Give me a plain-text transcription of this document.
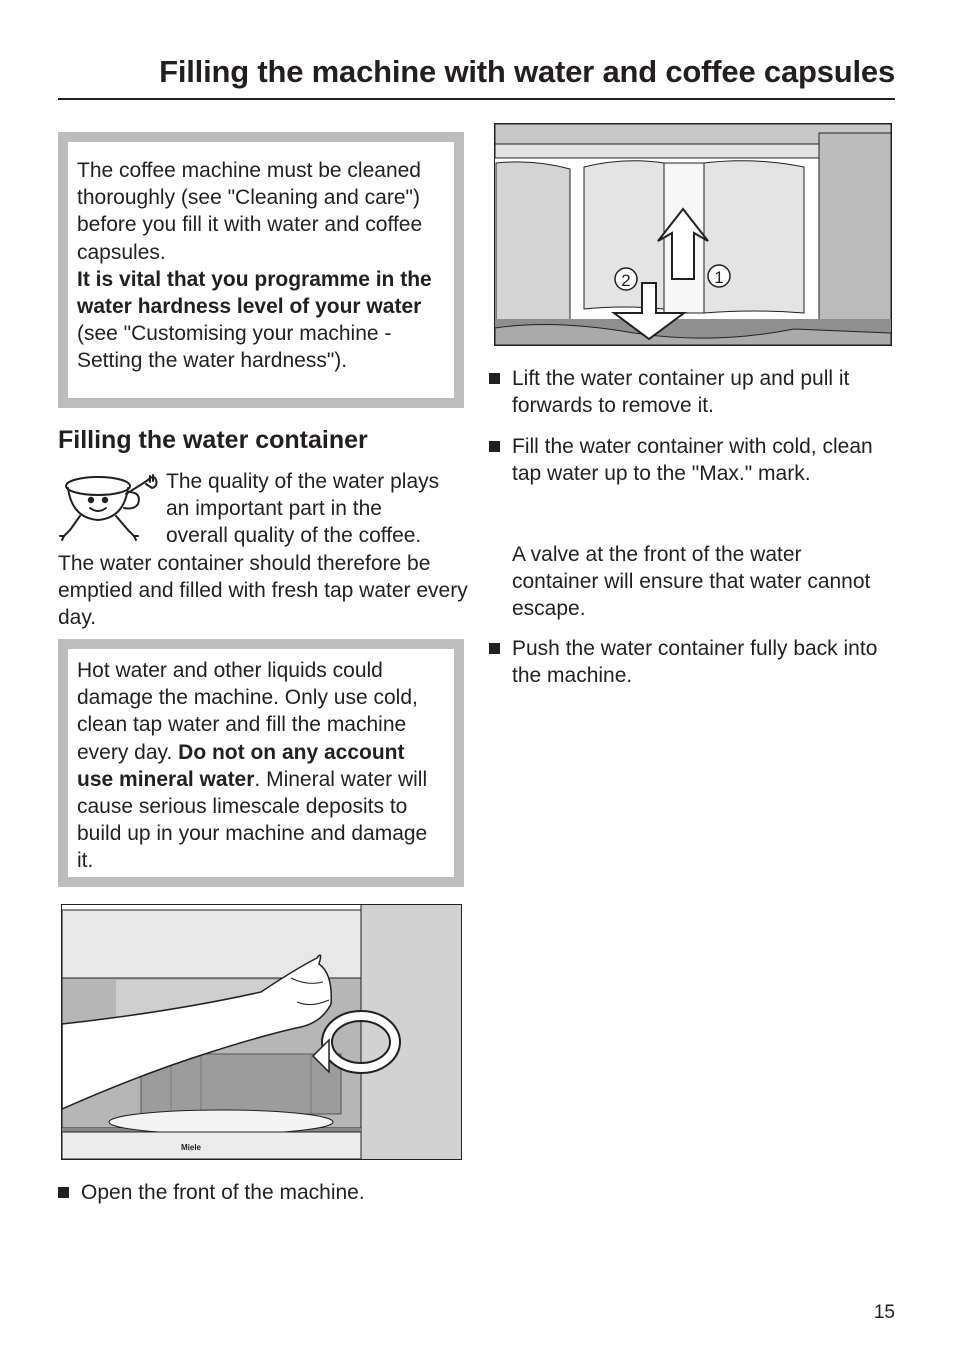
Filling the machine with water and coffee capsules

The coffee machine must be cleaned thoroughly (see "Cleaning and care") before you fill it with water and coffee capsules.

It is vital that you programme in the water hardness level of your water (see "Customising your machine - Setting the water hardness").

Filling the water container
The quality of the water plays
an important part in the
overall quality of the coffee.
The water container should therefore be emptied and filled with fresh tap water every day.

Hot water and other liquids could damage the machine. Only use cold, clean tap water and fill the machine every day. Do not on any account use mineral water. Mineral water will cause serious limescale deposits to build up in your machine and damage it.

Miele
Open the front of the machine.
1
2
Lift the water container up and pull it forwards to remove it.
Fill the water container with cold, clean tap water up to the "Max." mark.
A valve at the front of the water container will ensure that water cannot escape.
Push the water container fully back into the machine.
15
